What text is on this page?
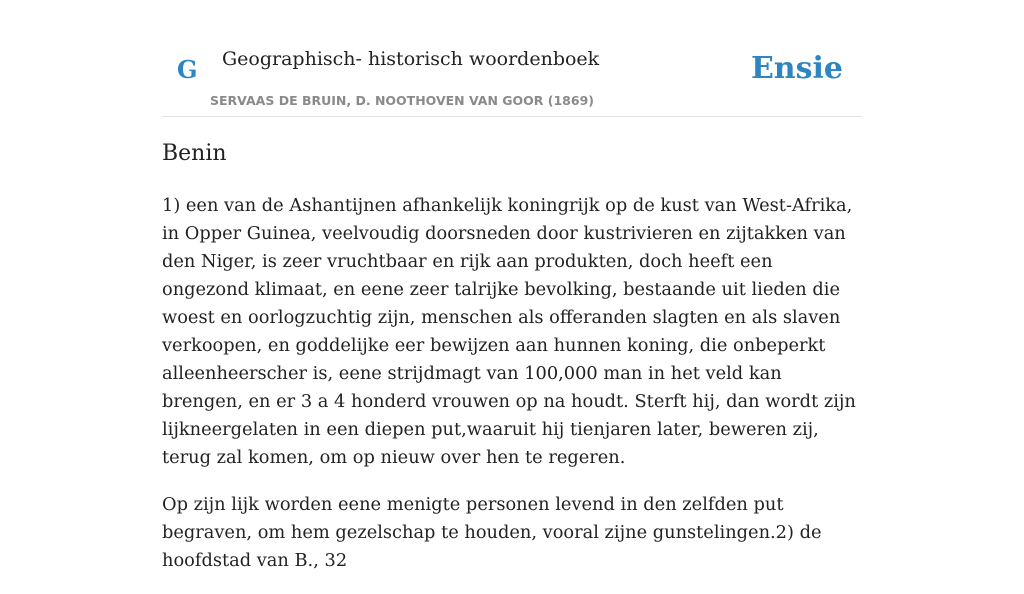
G Geographisch- historisch woordenboek
SERVAAS DE BRUIN, D. NOOTHOVEN VAN GOOR (1869)
Ensie
Benin

1) een van de Ashantijnen afhankelijk koningrijk op de kust van West-Afrika, in Opper Guinea, veelvoudig doorsneden door kustrivieren en zijtakken van den Niger, is zeer vruchtbaar en rijk aan produkten, doch heeft een ongezond klimaat, en eene zeer talrijke bevolking, bestaande uit lieden die woest en oorlogzuchtig zijn, menschen als offeranden slagten en als slaven verkoopen, en goddelijke eer bewijzen aan hunnen koning, die onbeperkt alleenheerscher is, eene strijdmagt van 100,000 man in het veld kan brengen, en er 3 a 4 honderd vrouwen op na houdt. Sterft hij, dan wordt zijn lijkneergelaten in een diepen put,waaruit hij tienjaren later, beweren zij, terug zal komen, om op nieuw over hen te regeren.

Op zijn lijk worden eene menigte personen levend in den zelfden put begraven, om hem gezelschap te houden, vooral zijne gunstelingen.2) de hoofdstad van B., 32
